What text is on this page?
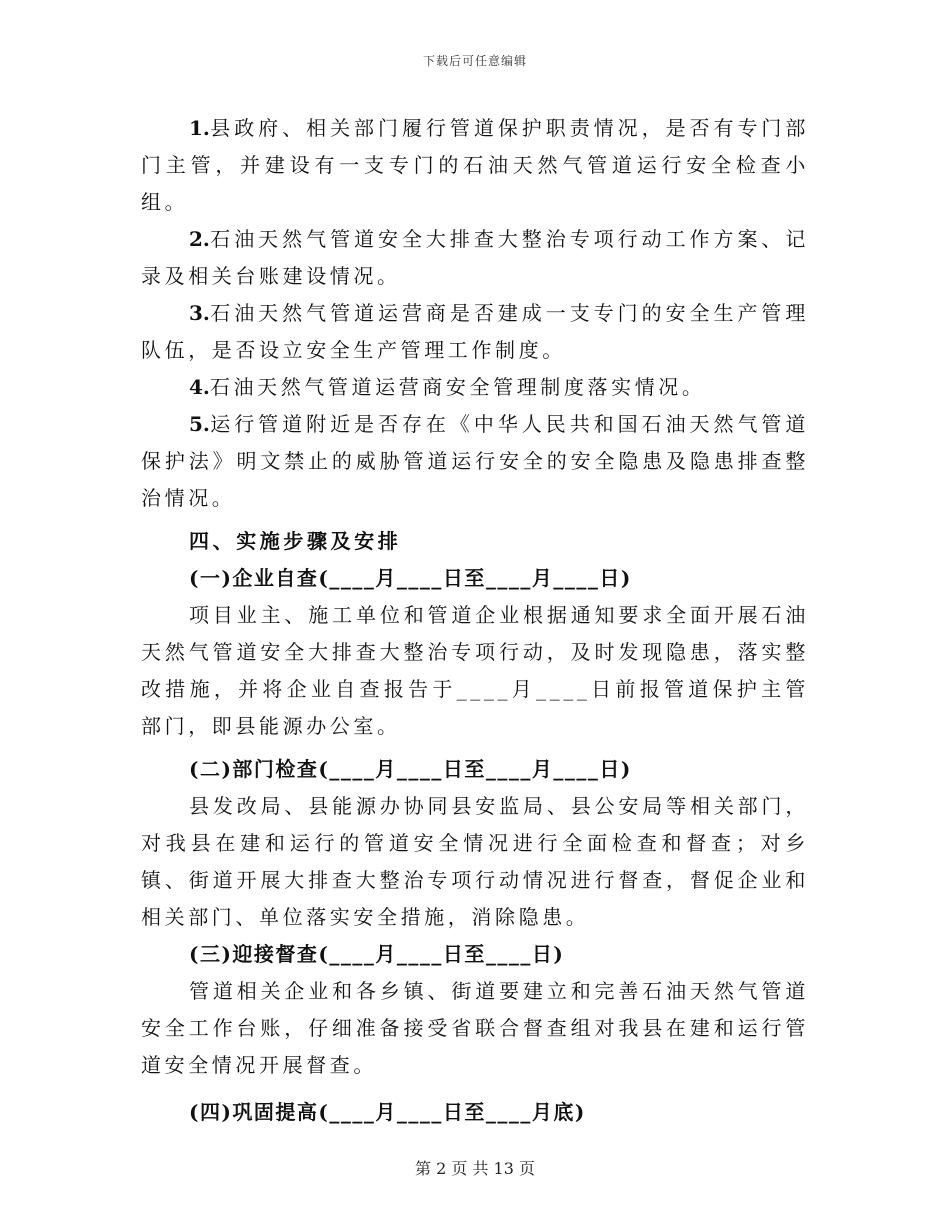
下载后可任意编辑

1.县政府、相关部门履行管道保护职责情况，是否有专门部门主管，并建设有一支专门的石油天然气管道运行安全检查小组。

2.石油天然气管道安全大排查大整治专项行动工作方案、记录及相关台账建设情况。

3.石油天然气管道运营商是否建成一支专门的安全生产管理队伍，是否设立安全生产管理工作制度。

4.石油天然气管道运营商安全管理制度落实情况。

5.运行管道附近是否存在《中华人民共和国石油天然气管道保护法》明文禁止的威胁管道运行安全的安全隐患及隐患排查整治情况。

四、实施步骤及安排

(一)企业自查(____月____日至____月____日)

项目业主、施工单位和管道企业根据通知要求全面开展石油天然气管道安全大排查大整治专项行动，及时发现隐患，落实整改措施，并将企业自查报告于____月____日前报管道保护主管部门，即县能源办公室。

(二)部门检查(____月____日至____月____日)

县发改局、县能源办协同县安监局、县公安局等相关部门，对我县在建和运行的管道安全情况进行全面检查和督查；对乡镇、街道开展大排查大整治专项行动情况进行督查，督促企业和相关部门、单位落实安全措施，消除隐患。

(三)迎接督查(____月____日至____日)

管道相关企业和各乡镇、街道要建立和完善石油天然气管道安全工作台账，仔细准备接受省联合督查组对我县在建和运行管道安全情况开展督查。

(四)巩固提高(____月____日至____月底)

第 2 页 共 13 页
